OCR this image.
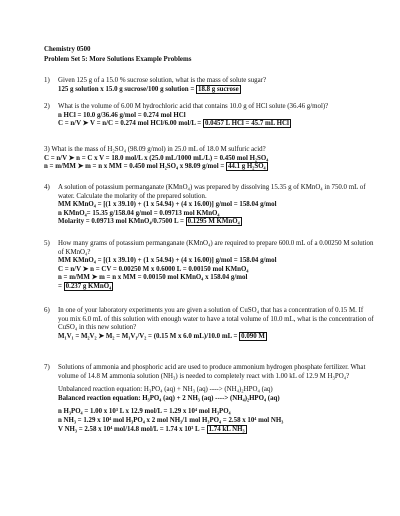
Chemistry 0500
Problem Set 5: More Solutions Example Problems
1)	Given 125 g of a 15.0 % sucrose solution, what is the mass of solute sugar?
125 g solution x 15.0 g sucrose/100 g solution = 18.8 g sucrose
2)	What is the volume of 6.00 M hydrochloric acid that contains 10.0 g of HCl solute (36.46 g/mol)?
n HCl = 10.0 g/36.46 g/mol = 0.274 mol HCl
C = n/V ➤ V = n/C = 0.274 mol HCl/6.00 mol/L = 0.0457 L HCl = 45.7 mL HCl
3) What is the mass of H₂SO₄ (98.09 g/mol) in 25.0 mL of 18.0 M sulfuric acid?
C = n/V ➤ n = C x V = 18.0 mol/L x (25.0 mL/1000 mL/L) = 0.450 mol H₂SO₄
n = m/MM ➤ m = n x MM = 0.450 mol H₂SO₄ x 98.09 g/mol = 44.1 g H₂SO₄
4)	A solution of potassium permanganate (KMnO₄) was prepared by dissolving 15.35 g of KMnO₄ in 750.0 mL of water. Calculate the molarity of the prepared solution.
MM KMnO₄ = [(1 x 39.10) + (1 x 54.94) + (4 x 16.00)] g/mol = 158.04 g/mol
n KMnO₄= 15.35 g/158.04 g/mol = 0.09713 mol KMnO₄
Molarity = 0.09713 mol KMnO₄/0.7500 L = 0.1295 M KMnO₄
5)	How many grams of potassium permanganate (KMnO₄) are required to prepare 600.0 mL of a 0.00250 M solution of KMnO₄?
MM KMnO₄ = [(1 x 39.10) + (1 x 54.94) + (4 x 16.00)] g/mol = 158.04 g/mol
C = n/V ➤ n = CV = 0.00250 M x 0.6000 L = 0.00150 mol KMnO₄
n = m/MM ➤ m = n x MM = 0.00150 mol KMnO₄ x 158.04 g/mol
= 0.237 g KMnO₄
6)	In one of your laboratory experiments you are given a solution of CuSO₄ that has a concentration of 0.15 M. If you mix 6.0 mL of this solution with enough water to have a total volume of 10.0 mL, what is the concentration of CuSO₄ in this new solution?
M₁V₁ = M₂V₂ ➤ M₂ = M₁V₁/V₂ = (0.15 M x 6.0 mL)/10.0 mL = 0.090 M
7)	Solutions of ammonia and phosphoric acid are used to produce ammonium hydrogen phosphate fertilizer. What volume of 14.8 M ammonia solution (NH₃) is needed to completely react with 1.00 kL of 12.9 M H₃PO₄?
Unbalanced reaction equation: H₃PO₄ (aq) + NH₃ (aq) ----> (NH₄)₂HPO₄ (aq)
Balanced reaction equation: H₃PO₄ (aq) + 2 NH₃ (aq) ----> (NH₄)₂HPO₄ (aq)
n H₃PO₄ = 1.00 x 10³ L x 12.9 mol/L = 1.29 x 10⁴ mol H₃PO₄
n NH₃ = 1.29 x 10⁴ mol H₃PO₄ x 2 mol NH₃/1 mol H₃PO₄ = 2.58 x 10⁴ mol NH₃
V NH₃ = 2.58 x 10⁴ mol/14.8 mol/L = 1.74 x 10³ L = 1.74 kL NH₃
